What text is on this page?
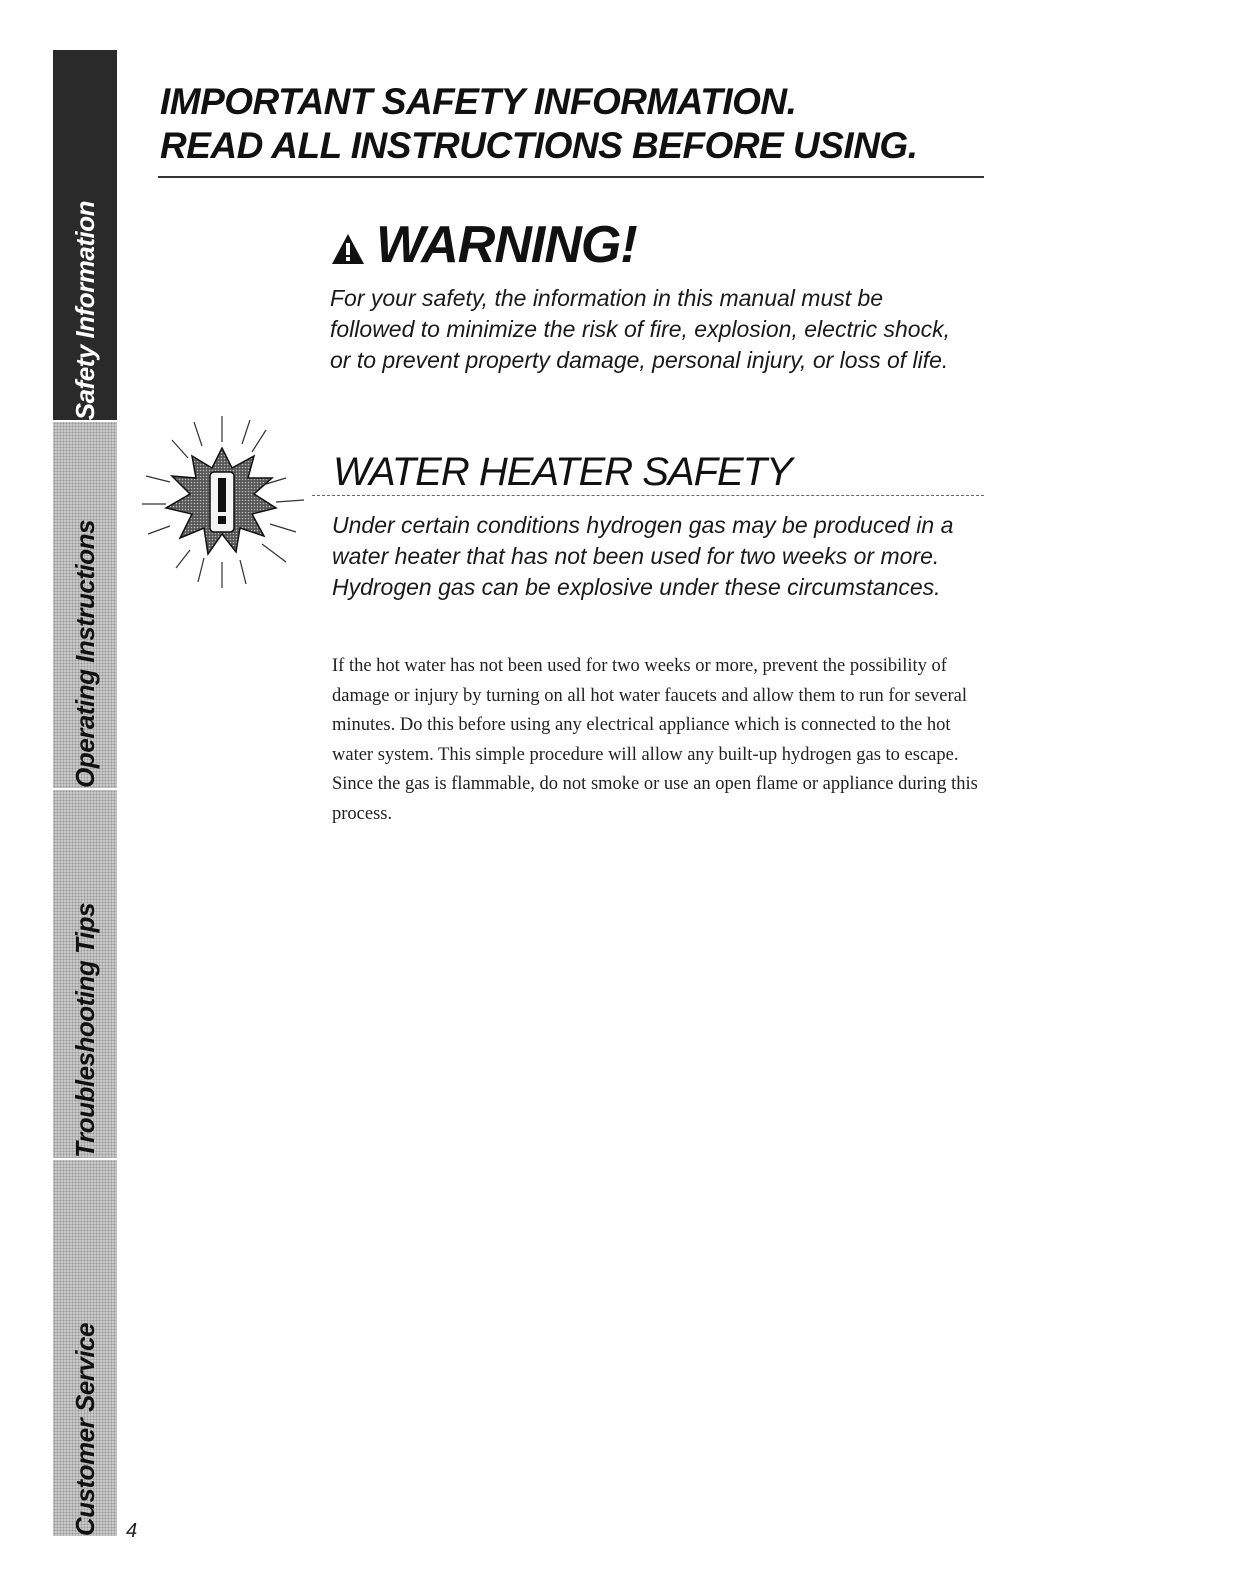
Safety Information
Operating Instructions
Troubleshooting Tips
Customer Service

IMPORTANT SAFETY INFORMATION.

READ ALL INSTRUCTIONS BEFORE USING.

WARNING!

For your safety, the information in this manual must be followed to minimize the risk of fire, explosion, electric shock, or to prevent property damage, personal injury, or loss of life.

WATER HEATER SAFETY

Under certain conditions hydrogen gas may be produced in a water heater that has not been used for two weeks or more. Hydrogen gas can be explosive under these circumstances.

If the hot water has not been used for two weeks or more, prevent the possibility of damage or injury by turning on all hot water faucets and allow them to run for several minutes. Do this before using any electrical appliance which is connected to the hot water system. This simple procedure will allow any built-up hydrogen gas to escape. Since the gas is flammable, do not smoke or use an open flame or appliance during this process.

4
